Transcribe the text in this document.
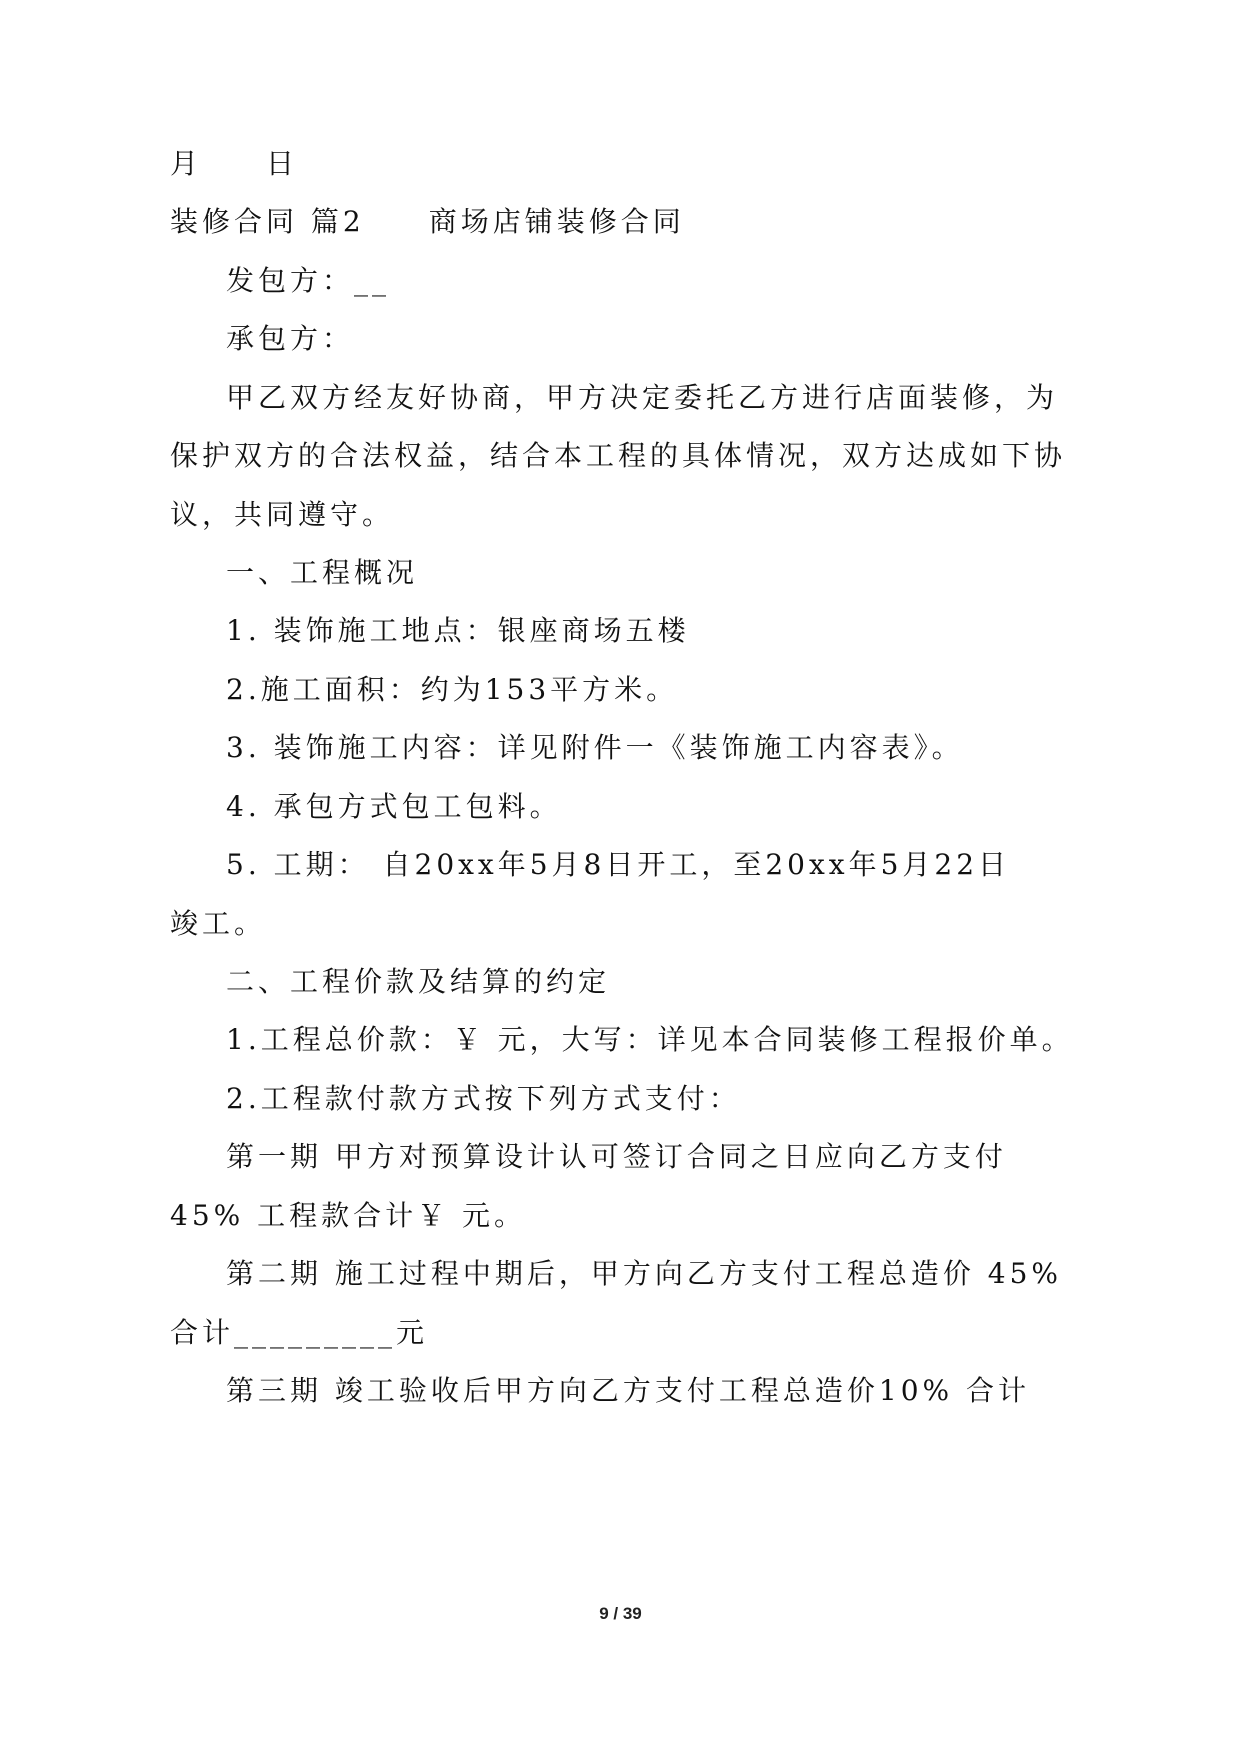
月　　日
装修合同 篇2　　商场店铺装修合同
发包方：__
承包方：
甲乙双方经友好协商，甲方决定委托乙方进行店面装修，为
保护双方的合法权益，结合本工程的具体情况，双方达成如下协
议，共同遵守。
一、工程概况
1. 装饰施工地点：银座商场五楼
2.施工面积：约为153平方米。
3. 装饰施工内容：详见附件一《装饰施工内容表》。
4. 承包方式包工包料。
5. 工期： 自20xx年5月8日开工，至20xx年5月22日
竣工。
二、工程价款及结算的约定
1.工程总价款：￥ 元，大写：详见本合同装修工程报价单。
2.工程款付款方式按下列方式支付：
第一期 甲方对预算设计认可签订合同之日应向乙方支付
45% 工程款合计￥ 元。
第二期 施工过程中期后，甲方向乙方支付工程总造价 45%
合计_________元
第三期 竣工验收后甲方向乙方支付工程总造价10% 合计
9 / 39
